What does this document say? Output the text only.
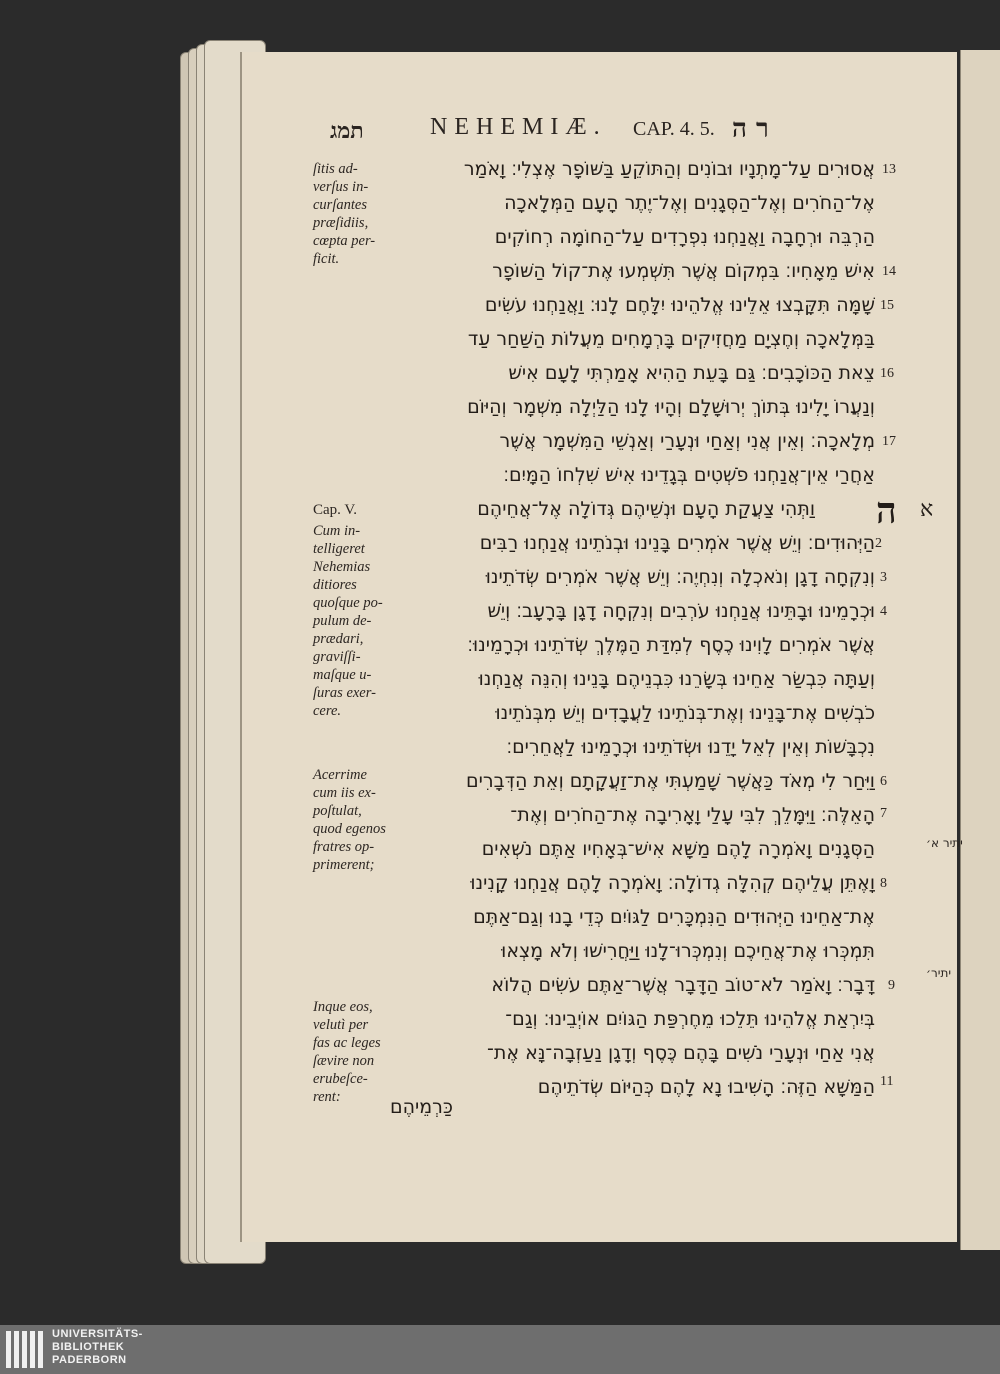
תמג	NEHEMIÆ. CAP. 4. 5. ר ה
ſitis ad-
verſus in-
curſantes
præſidiis,
cœpta per-
ficit.
Cap. V.
Cum in-
telligeret
Nehemias
ditiores
quoſque po-
pulum de-
prædari,
graviſſi-
maſque u-
ſuras exer-
cere.
Acerrime
cum iis ex-
poſtulat,
quod egenos
fratres op-
primerent;
Inque eos,
velutì per
fas ac leges
ſævire non
erubeſce-
rent:
ה א
אֲסוּרִים עַל־מָתְנָיו וּבוֹנִים וְהַתּוֹקֵעַ בַּשּׁוֹפָר אֶצְלִי׃ וָאֹמַר
אֶל־הַחֹרִים וְאֶל־הַסְּגָנִים וְאֶל־יֶתֶר הָעָם הַמְּלָאכָה
הַרְבֵּה וּרְחָבָה וַאֲנַחְנוּ נִפְרָדִים עַל־הַחוֹמָה רְחוֹקִים
אִישׁ מֵאָחִיו׃ בִּמְקוֹם אֲשֶׁר תִּשְׁמְעוּ אֶת־קוֹל הַשּׁוֹפָר
שָׁמָּה תִּקָּבְצוּ אֵלֵינוּ אֱלֹהֵינוּ יִלָּחֶם לָנוּ׃ וַאֲנַחְנוּ עֹשִׂים
בַּמְּלָאכָה וְחֶצְיָם מַחֲזִיקִים בָּרְמָחִים מֵעֲלוֹת הַשַּׁחַר עַד
צֵאת הַכּוֹכָבִים׃ גַּם בָּעֵת הַהִיא אָמַרְתִּי לָעָם אִישׁ
וְנַעֲרוֹ יָלִינוּ בְּתוֹךְ יְרוּשָׁלָ͏ִם וְהָיוּ לָנוּ הַלַּיְלָה מִשְׁמָר וְהַיּוֹם
מְלָאכָה׃ וְאֵין אֲנִי וְאַחַי וּנְעָרַי וְאַנְשֵׁי הַמִּשְׁמָר אֲשֶׁר
אַחֲרַי אֵין־אֲנַחְנוּ פֹשְׁטִים בְּגָדֵינוּ אִישׁ שִׁלְחוֹ הַמָּיִם׃
וַתְּהִי צַעֲקַת הָעָם וּנְשֵׁיהֶם גְּדוֹלָה אֶל־אֲחֵיהֶם
הַיְּהוּדִים׃ וְיֵשׁ אֲשֶׁר אֹמְרִים בָּנֵינוּ וּבְנֹתֵינוּ אֲנַחְנוּ רַבִּים
וְנִקְחָה דָגָן וְנֹאכְלָה וְנִחְיֶה׃ וְיֵשׁ אֲשֶׁר אֹמְרִים שְׂדֹתֵינוּ
וּכְרָמֵינוּ וּבָתֵּינוּ אֲנַחְנוּ עֹרְבִים וְנִקְחָה דָגָן בָּרָעָב׃ וְיֵשׁ
אֲשֶׁר אֹמְרִים לָוִינוּ כֶסֶף לְמִדַּת הַמֶּלֶךְ שְׂדֹתֵינוּ וּכְרָמֵינוּ׃
וְעַתָּה כִּבְשַׂר אַחֵינוּ בְּשָׂרֵנוּ כִּבְנֵיהֶם בָּנֵינוּ וְהִנֵּה אֲנַחְנוּ
כֹבְשִׁים אֶת־בָּנֵינוּ וְאֶת־בְּנֹתֵינוּ לַעֲבָדִים וְיֵשׁ מִבְּנֹתֵינוּ
נִכְבָּשׁוֹת וְאֵין לְאֵל יָדֵנוּ וּשְׂדֹתֵינוּ וּכְרָמֵינוּ לַאֲחֵרִים׃
וַיִּחַר לִי מְאֹד כַּאֲשֶׁר שָׁמַעְתִּי אֶת־זַעֲקָתָם וְאֵת הַדְּבָרִים
הָאֵלֶּה׃ וַיִּמָּלֵךְ לִבִּי עָלַי וָאָרִיבָה אֶת־הַחֹרִים וְאֶת־
הַסְּגָנִים וָאֹמְרָה לָהֶם מַשָּׁא אִישׁ־בְּאָחִיו אַתֶּם נֹשְׁאִים
וָאֶתֵּן עֲלֵיהֶם קְהִלָּה גְדוֹלָה׃ וָאֹמְרָה לָהֶם אֲנַחְנוּ קָנִינוּ
אֶת־אַחֵינוּ הַיְּהוּדִים הַנִּמְכָּרִים לַגּוֹיִם כְּדֵי בָנוּ וְגַם־אַתֶּם
תִּמְכְּרוּ אֶת־אֲחֵיכֶם וְנִמְכְּרוּ־לָנוּ וַיַּחֲרִישׁוּ וְלֹא מָצְאוּ
דָּבָר׃ וָאֹמַר לֹא־טוֹב הַדָּבָר אֲשֶׁר־אַתֶּם עֹשִׂים הֲלוֹא
בְּיִרְאַת אֱלֹהֵינוּ תֵּלֵכוּ מֵחֶרְפַּת הַגּוֹיִם אוֹיְבֵינוּ׃ וְגַם־
אֲנִי אַחַי וּנְעָרַי נֹשִׁים בָּהֶם כֶּסֶף וְדָגָן נַעַזְבָה־נָּא אֶת־
הַמַּשָּׁא הַזֶּה׃ הָשִׁיבוּ נָא לָהֶם כְּהַיּוֹם שְׂדֹתֵיהֶם
כַּרְמֵיהֶם
13
14
16
17
2
3
4
6
7
8
9
11
15
יתיר א׳
יתיר׳
UNIVERSITÄTS-
BIBLIOTHEK
PADERBORN
